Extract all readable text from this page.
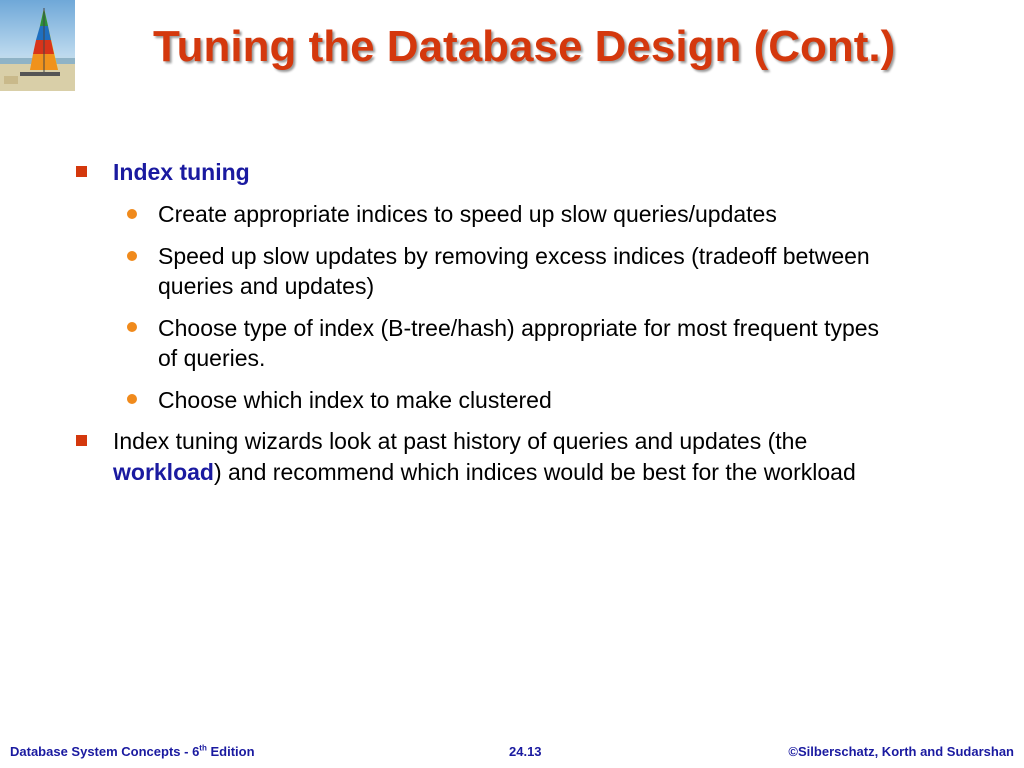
Tuning the Database Design (Cont.)
Index tuning
Create appropriate indices to speed up slow queries/updates
Speed up slow updates by removing excess indices (tradeoff between
queries and updates)
Choose type of index (B-tree/hash) appropriate for most frequent types
of queries.
Choose which index to make clustered
Index tuning wizards look at past history of queries and updates (the
workload) and recommend which indices would be best for the workload
Database System Concepts - 6th Edition	24.13	©Silberschatz, Korth and Sudarshan
